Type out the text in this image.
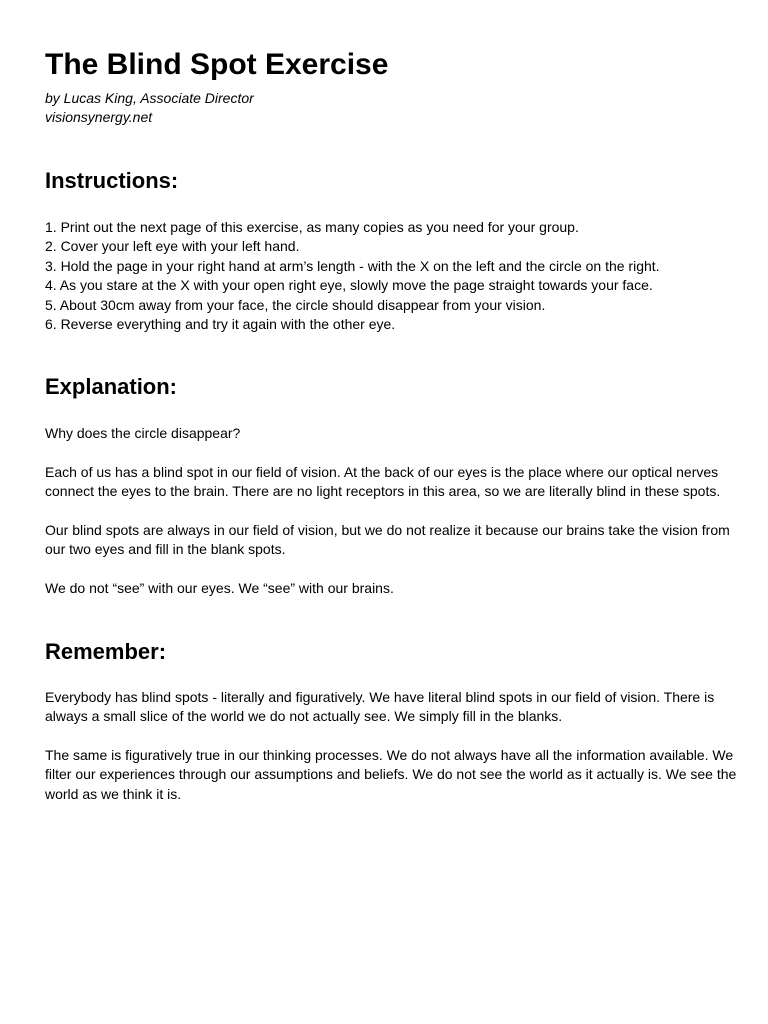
The Blind Spot Exercise
by Lucas King, Associate Director
visionsynergy.net
Instructions:
1. Print out the next page of this exercise, as many copies as you need for your group.
2. Cover your left eye with your left hand.
3. Hold the page in your right hand at arm’s length - with the X on the left and the circle on the right.
4. As you stare at the X with your open right eye, slowly move the page straight towards your face.
5. About 30cm away from your face, the circle should disappear from your vision.
6. Reverse everything and try it again with the other eye.
Explanation:

Why does the circle disappear?

Each of us has a blind spot in our field of vision. At the back of our eyes is the place where our optical nerves connect the eyes to the brain. There are no light receptors in this area, so we are literally blind in these spots.

Our blind spots are always in our field of vision, but we do not realize it because our brains take the vision from our two eyes and fill in the blank spots.

We do not “see” with our eyes. We “see” with our brains.

Remember:

Everybody has blind spots - literally and figuratively. We have literal blind spots in our field of vision. There is always a small slice of the world we do not actually see. We simply fill in the blanks.

The same is figuratively true in our thinking processes. We do not always have all the information available. We filter our experiences through our assumptions and beliefs. We do not see the world as it actually is. We see the world as we think it is.
